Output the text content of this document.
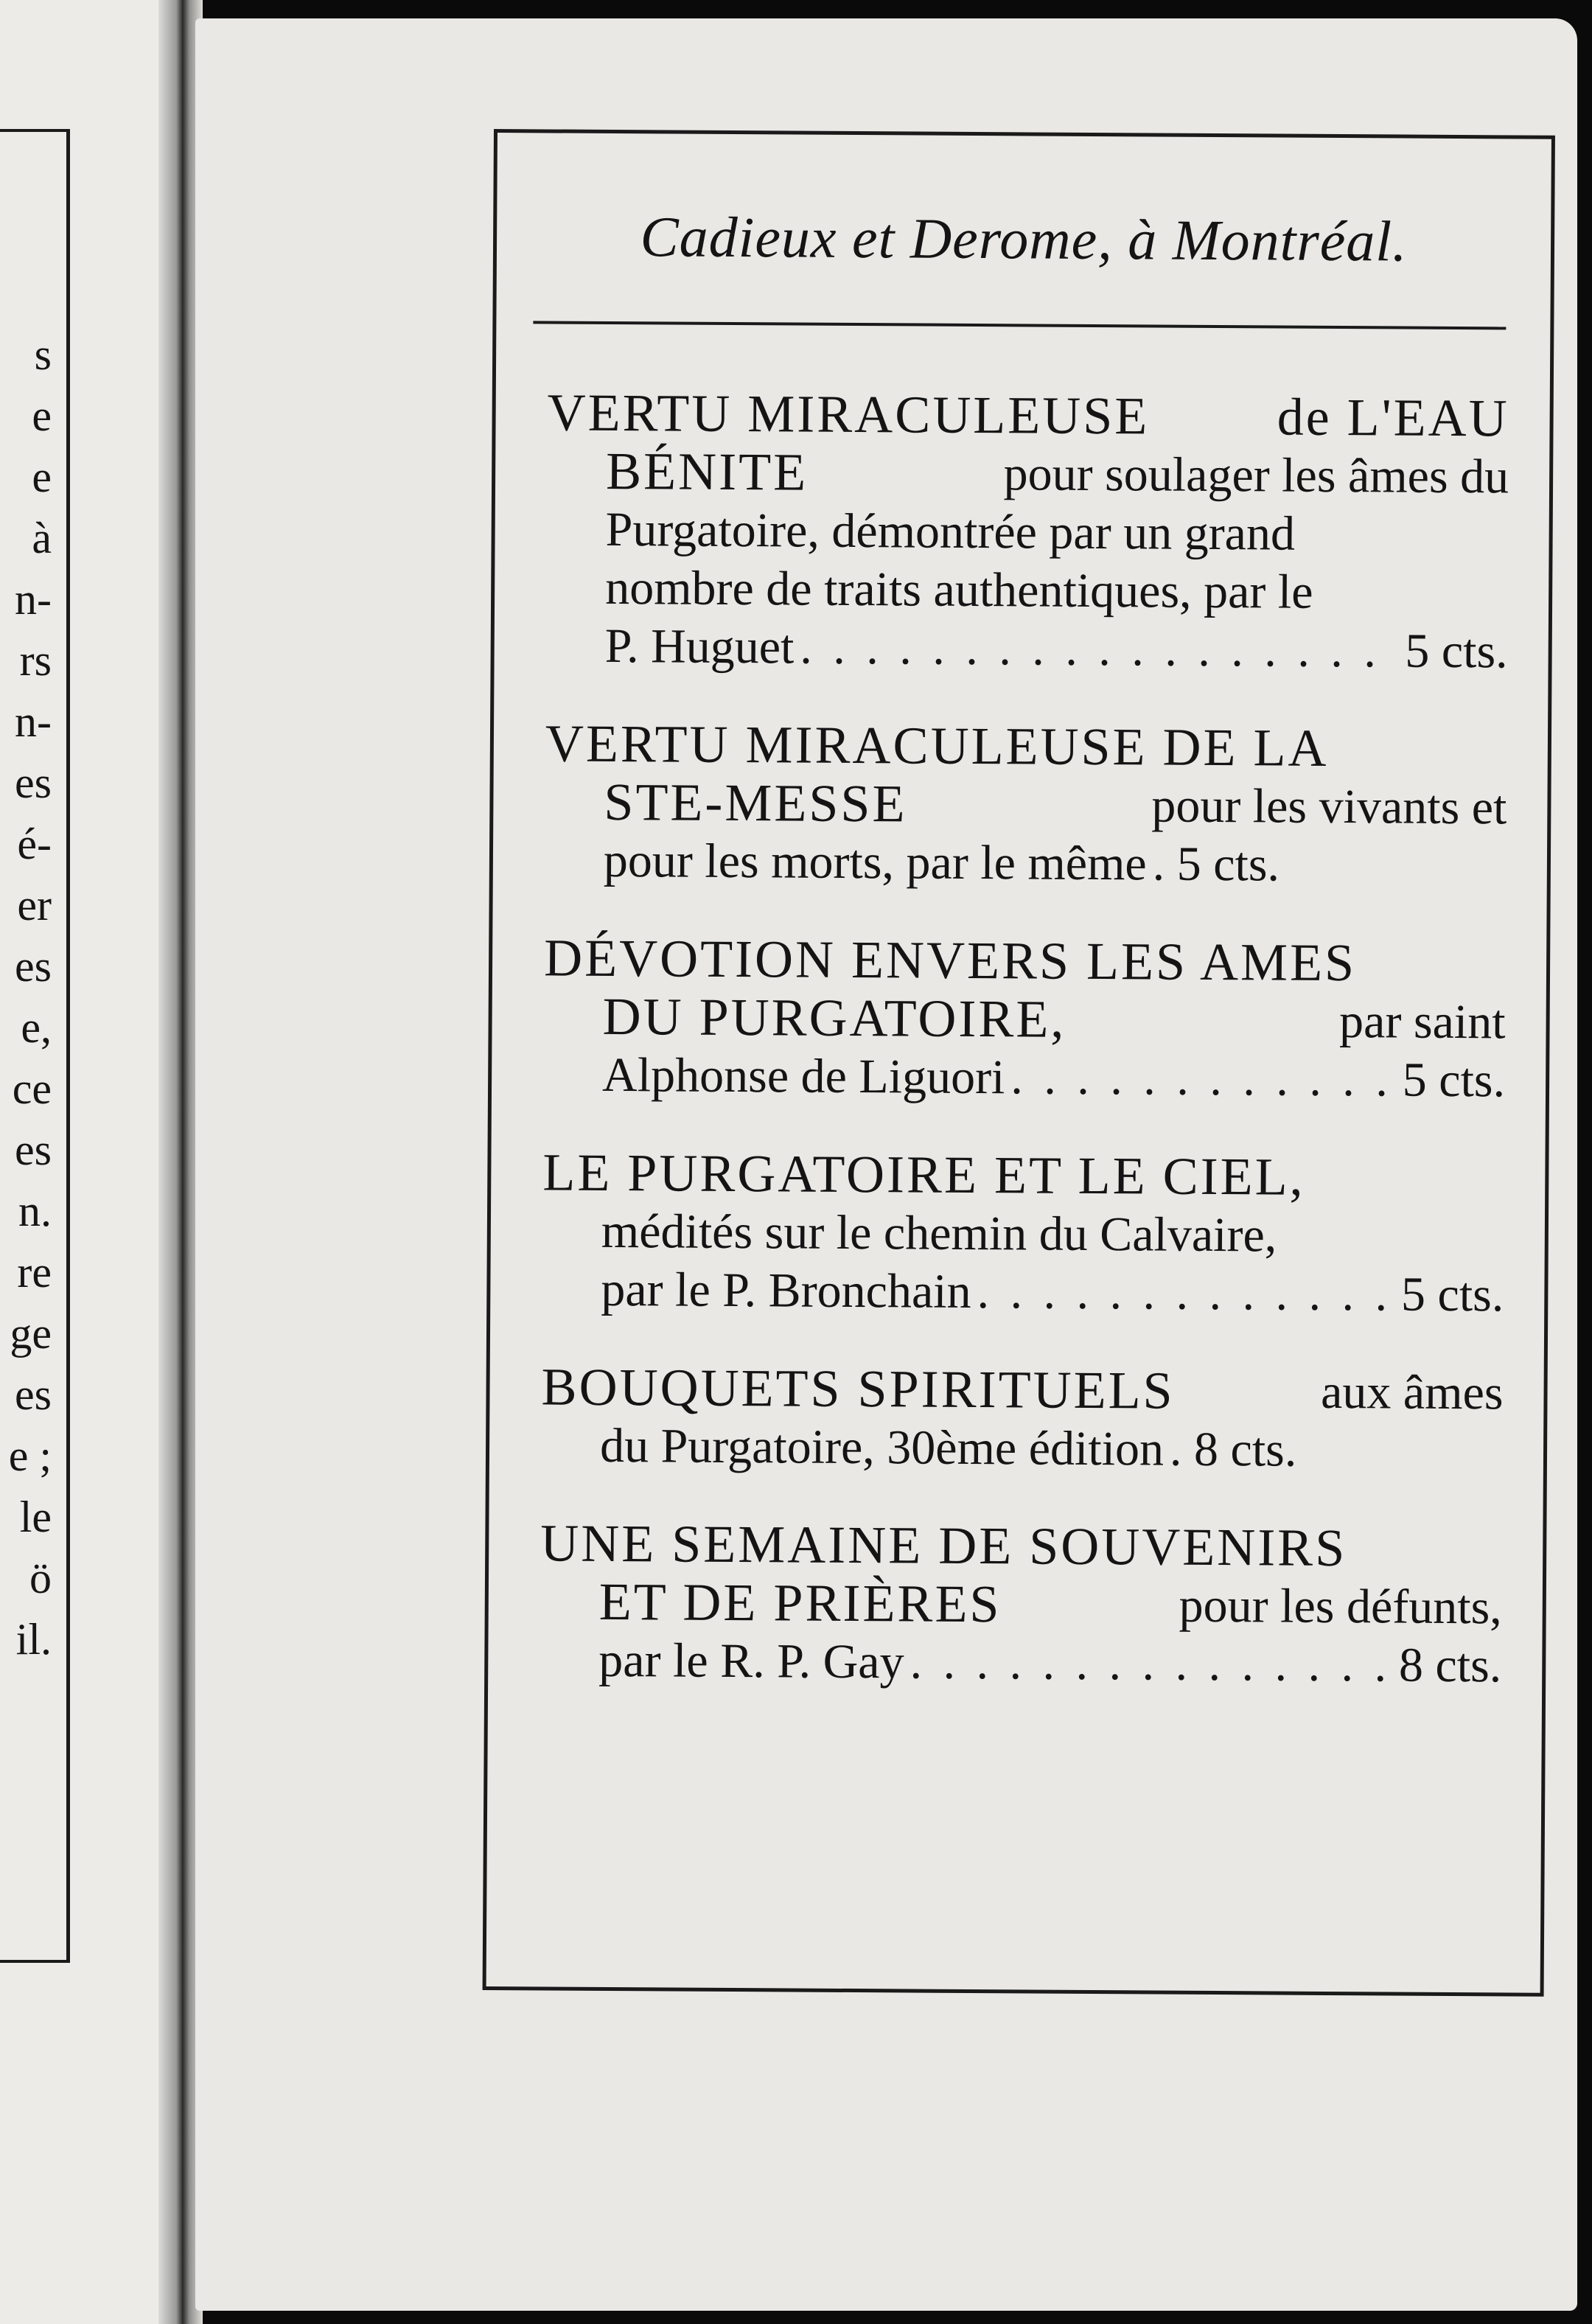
s
e
e
à
n-
rs
n-
es
é-
er
es
e,
ce
es
n.
re
ge
es
e ;
le
ö
il.
Cadieux et Derome, à Montréal.
VERTU MIRACULEUSE de L'EAU
BÉNITE	pour soulager les âmes du
Purgatoire, démontrée par un grand
nombre de traits authentiques, par le
P. Huguet . . .	5 cts.
VERTU MIRACULEUSE DE LA
STE-MESSE	pour les vivants et
pour les morts, par le même . . . . 5 cts.
DÉVOTION ENVERS LES AMES
DU PURGATOIRE,	par saint
Alphonse de Liguori . . .	5 cts.
LE PURGATOIRE ET LE CIEL,
médités sur le chemin du Calvaire,
par le P. Bronchain . . .	5 cts.
BOUQUETS SPIRITUELS	aux âmes
du Purgatoire, 30ème édition . . . . 8 cts.
UNE SEMAINE DE SOUVENIRS
ET DE PRIÈRES	pour les défunts,
par le R. P. Gay . . .	8 cts.
